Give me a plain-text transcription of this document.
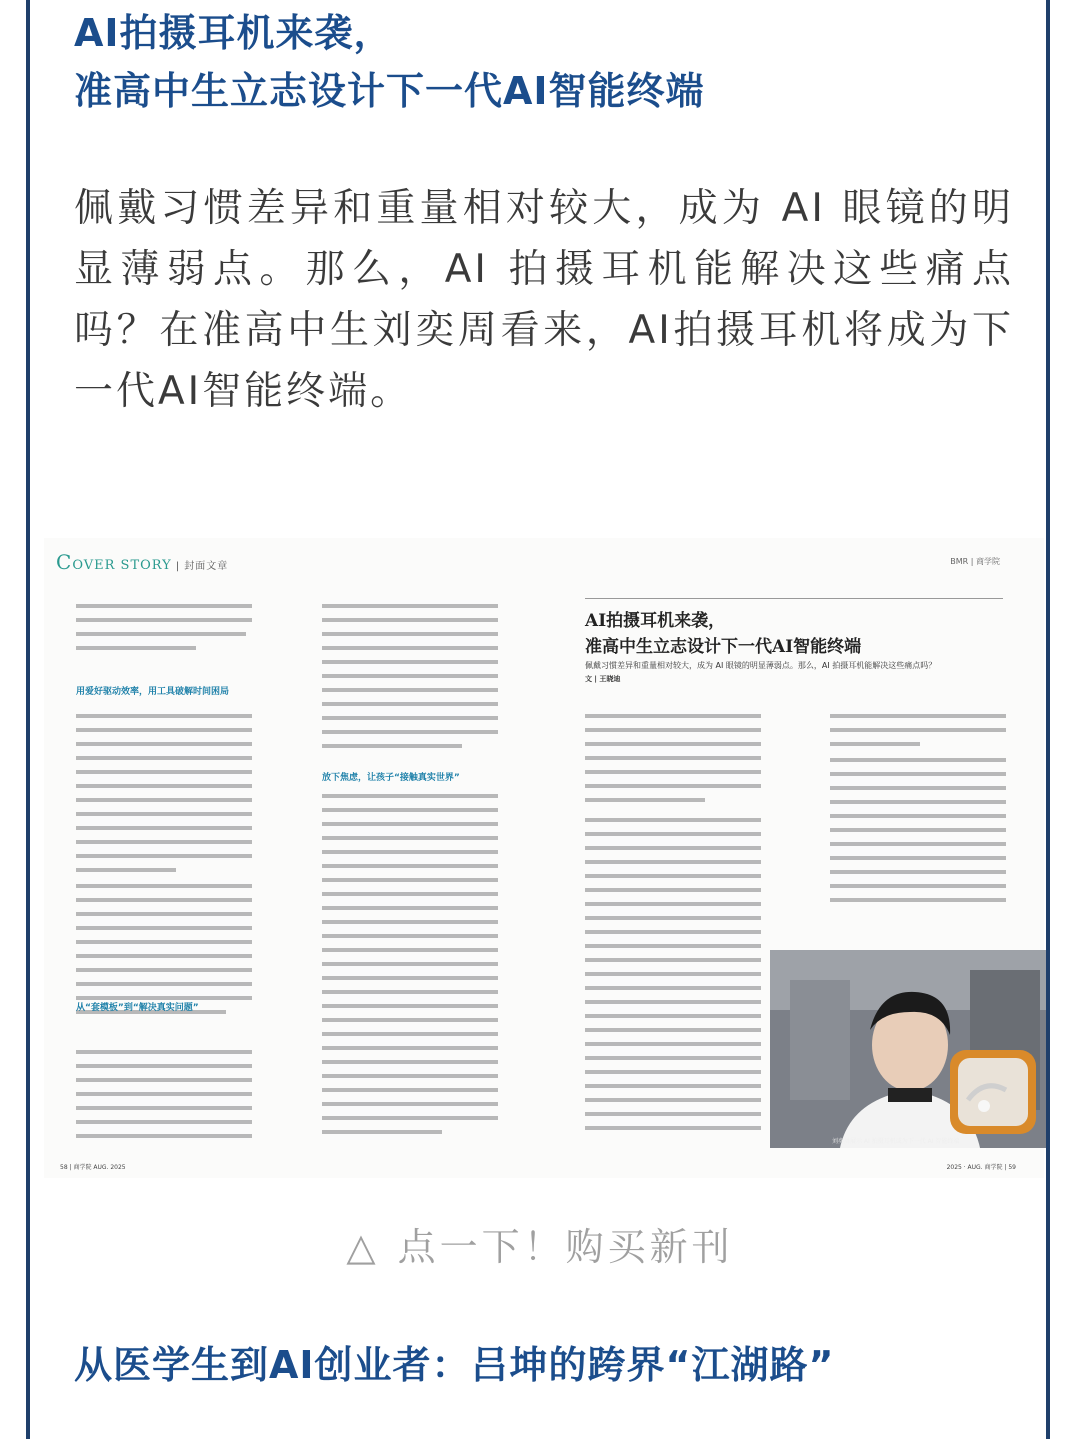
AI拍摄耳机来袭，
准高中生立志设计下一代AI智能终端
佩戴习惯差异和重量相对较大，成为 AI 眼镜的明显薄弱点。那么，AI 拍摄耳机能解决这些痛点吗？在准高中生刘奕周看来，AI拍摄耳机将成为下一代AI智能终端。
COVER STORY | 封面文章	BMR | 商学院
用爱好驱动效率，用工具破解时间困局
从“套模板”到“解决真实问题”
放下焦虑，让孩子“接触真实世界”
AI拍摄耳机来袭，
准高中生立志设计下一代AI智能终端
佩戴习惯差异和重量相对较大，成为 AI 眼镜的明显薄弱点。那么，AI 拍摄耳机能解决这些痛点吗？
文 | 王晓迪
刘奕周展示 AI 拍摄耳机或为下一代 AI 智能终端
58 | 商学院 AUG. 2025	2025 · AUG. 商学院 | 59
△ 点一下！购买新刊
从医学生到AI创业者：吕坤的跨界“江湖路”
